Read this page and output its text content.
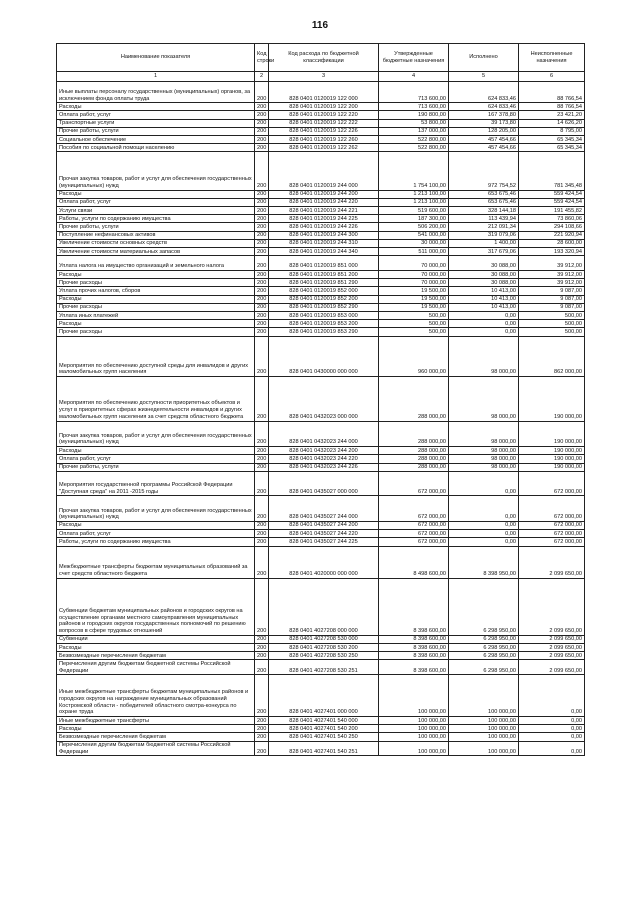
116
Наименование показателя	Код строки	Код расхода по бюджетной классификации	Утвержденные бюджетные назначения	Исполнено	Неисполненные назначения
1	2	3	4	5	6
Иные выплаты персоналу государственных (муниципальных) органов, за исключением фонда оплаты труда	200	828 0401 0120019 122 000	713 600,00	624 833,46	88 766,54
Расходы	200	828 0401 0120019 122 200	713 600,00	624 833,46	88 766,54
Оплата работ, услуг	200	828 0401 0120019 122 220	190 800,00	167 378,80	23 421,20
Транспортные услуги	200	828 0401 0120019 122 222	53 800,00	39 173,80	14 626,20
Прочие работы, услуги	200	828 0401 0120019 122 226	137 000,00	128 205,00	8 795,00
Социальное обеспечение	200	828 0401 0120019 122 260	522 800,00	457 454,66	65 345,34
Пособия по социальной помощи населению	200	828 0401 0120019 122 262	522 800,00	457 454,66	65 345,34
Прочая закупка товаров, работ и услуг для обеспечения государственных (муниципальных) нужд	200	828 0401 0120019 244 000	1 754 100,00	972 754,52	781 345,48
Расходы	200	828 0401 0120019 244 200	1 213 100,00	653 675,46	559 424,54
Оплата работ, услуг	200	828 0401 0120019 244 220	1 213 100,00	653 675,46	559 424,54
Услуги связи	200	828 0401 0120019 244 221	519 600,00	328 144,18	191 455,82
Работы, услуги по содержанию имущества	200	828 0401 0120019 244 225	187 300,00	113 439,94	73 860,06
Прочие работы, услуги	200	828 0401 0120019 244 226	506 200,00	212 091,34	294 108,66
Поступление нефинансовых активов	200	828 0401 0120019 244 300	541 000,00	319 079,06	221 920,94
Увеличение стоимости основных средств	200	828 0401 0120019 244 310	30 000,00	1 400,00	28 600,00
Увеличение стоимости материальных запасов	200	828 0401 0120019 244 340	511 000,00	317 679,06	193 320,94
Уплата налога на имущество организаций и земельного налога	200	828 0401 0120019 851 000	70 000,00	30 088,00	39 912,00
Расходы	200	828 0401 0120019 851 200	70 000,00	30 088,00	39 912,00
Прочие расходы	200	828 0401 0120019 851 290	70 000,00	30 088,00	39 912,00
Уплата прочих налогов, сборов	200	828 0401 0120019 852 000	19 500,00	10 413,00	9 087,00
Расходы	200	828 0401 0120019 852 200	19 500,00	10 413,00	9 087,00
Прочие расходы	200	828 0401 0120019 852 290	19 500,00	10 413,00	9 087,00
Уплата иных платежей	200	828 0401 0120019 853 000	500,00	0,00	500,00
Расходы	200	828 0401 0120019 853 200	500,00	0,00	500,00
Прочие расходы	200	828 0401 0120019 853 290	500,00	0,00	500,00
Мероприятия по обеспечению доступной среды для инвалидов и других маломобильных групп населения	200	828 0401 0430000 000 000	960 000,00	98 000,00	862 000,00
Мероприятия по обеспечению доступности приоритетных объектов и услуг в приоритетных сферах жизнедеятельности инвалидов и других маломобильных групп населения за счет средств областного бюджета	200	828 0401 0432023 000 000	288 000,00	98 000,00	190 000,00
Прочая закупка товаров, работ и услуг для обеспечения государственных (муниципальных) нужд	200	828 0401 0432023 244 000	288 000,00	98 000,00	190 000,00
Расходы	200	828 0401 0432023 244 200	288 000,00	98 000,00	190 000,00
Оплата работ, услуг	200	828 0401 0432023 244 220	288 000,00	98 000,00	190 000,00
Прочие работы, услуги	200	828 0401 0432023 244 226	288 000,00	98 000,00	190 000,00
Мероприятия государственной программы Российской Федерации "Доступная среда" на 2011 -2015 годы	200	828 0401 0435027 000 000	672 000,00	0,00	672 000,00
Прочая закупка товаров, работ и услуг для обеспечения государственных (муниципальных) нужд	200	828 0401 0435027 244 000	672 000,00	0,00	672 000,00
Расходы	200	828 0401 0435027 244 200	672 000,00	0,00	672 000,00
Оплата работ, услуг	200	828 0401 0435027 244 220	672 000,00	0,00	672 000,00
Работы, услуги по содержанию имущества	200	828 0401 0435027 244 225	672 000,00	0,00	672 000,00
Межбюджетные трансферты бюджетам муниципальных образований за счет средств областного бюджета	200	828 0401 4020000 000 000	8 498 600,00	8 398 950,00	2 099 650,00
Субвенции бюджетам муниципальных районов и городских округов на осуществление органами местного самоуправления муниципальных районов и городских округов государственных полномочий по решению вопросов в сфере трудовых отношений	200	828 0401 4027208 000 000	8 398 600,00	6 298 950,00	2 099 650,00
Субвенции	200	828 0401 4027208 530 000	8 398 600,00	6 298 950,00	2 099 650,00
Расходы	200	828 0401 4027208 530 200	8 398 600,00	6 298 950,00	2 099 650,00
Безвозмездные перечисления бюджетам	200	828 0401 4027208 530 250	8 398 600,00	6 298 950,00	2 099 650,00
Перечисления другим бюджетам бюджетной системы Российской Федерации	200	828 0401 4027208 530 251	8 398 600,00	6 298 950,00	2 099 650,00
Иные межбюджетные трансферты бюджетам муниципальных районов и городских округов на награждение муниципальных образований Костромской области - победителей областного смотра-конкурса по охране труда	200	828 0401 4027401 000 000	100 000,00	100 000,00	0,00
Иные межбюджетные трансферты	200	828 0401 4027401 540 000	100 000,00	100 000,00	0,00
Расходы	200	828 0401 4027401 540 200	100 000,00	100 000,00	0,00
Безвозмездные перечисления бюджетам	200	828 0401 4027401 540 250	100 000,00	100 000,00	0,00
Перечисления другим бюджетам бюджетной системы Российской Федерации	200	828 0401 4027401 540 251	100 000,00	100 000,00	0,00
